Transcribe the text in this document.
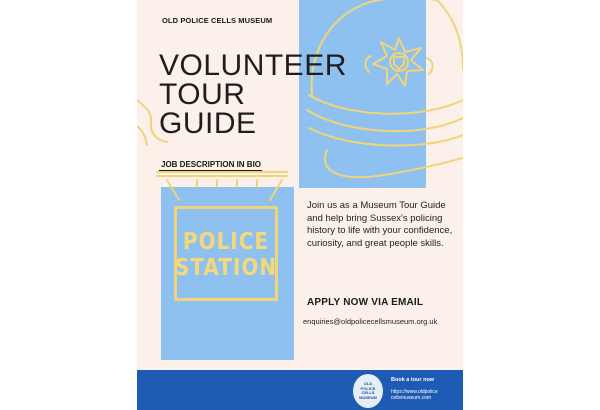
OLD POLICE CELLS MUSEUM
VOLUNTEER
TOUR
GUIDE
JOB DESCRIPTION IN BIO
POLICE
STATION
Join us as a Museum Tour Guide and help bring Sussex's policing history to life with your confidence, curiosity, and great people skills.
APPLY NOW VIA EMAIL
enquiries@oldpolicecellsmuseum.org.uk
OLD
POLICE
CELLS
MUSEUM
Book a tour now
https://www.oldpolice
cellsmuseum.com
